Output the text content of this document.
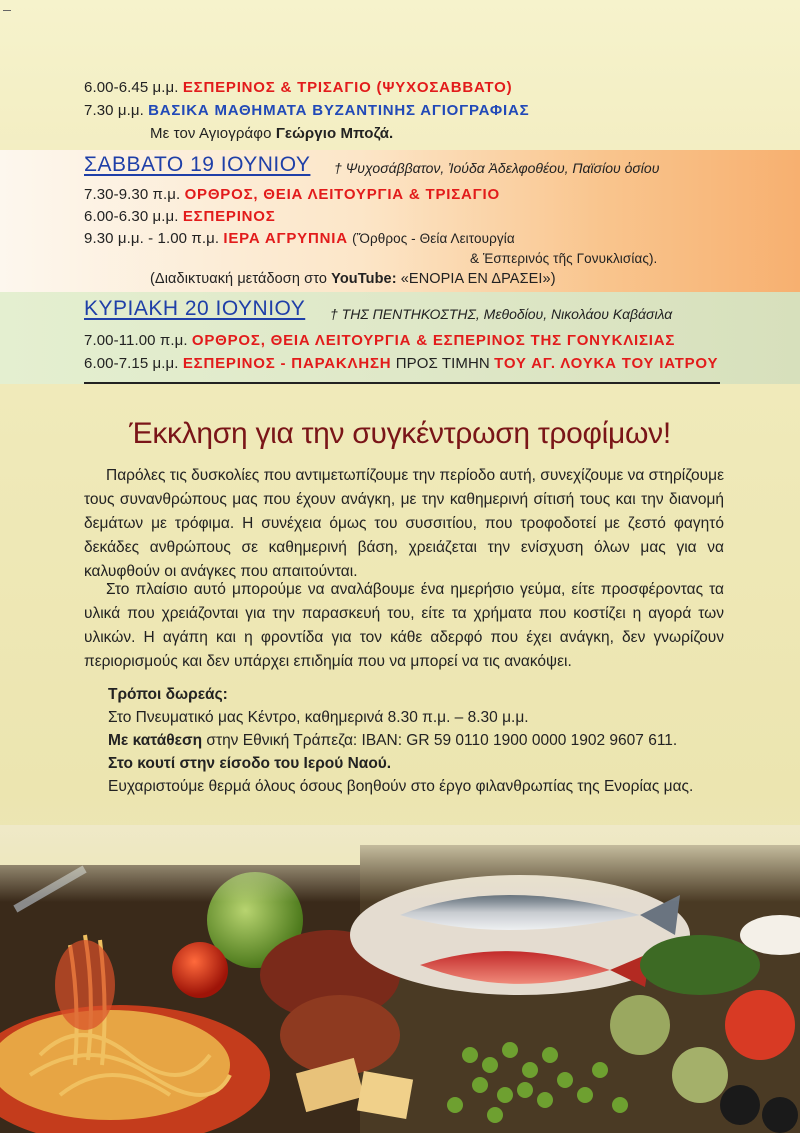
6.00-6.45 μ.μ. ΕΣΠΕΡΙΝΟΣ & ΤΡΙΣΑΓΙΟ (ΨΥΧΟΣΑΒΒΑΤΟ)
7.30 μ.μ. ΒΑΣΙΚΑ ΜΑΘΗΜΑΤΑ ΒΥΖΑΝΤΙΝΗΣ ΑΓΙΟΓΡΑΦΙΑΣ
Με τον Αγιογράφο Γεώργιο Μποζά.
ΣΑΒΒΑΤΟ 19 ΙΟΥΝΙΟΥ † Ψυχοσάββατον, Ἰούδα Ἀδελφοθέου, Παϊσίου ὁσίου
7.30-9.30 π.μ. ΟΡΘΡΟΣ, ΘΕΙΑ ΛΕΙΤΟΥΡΓΙΑ & ΤΡΙΣΑΓΙΟ
6.00-6.30 μ.μ. ΕΣΠΕΡΙΝΟΣ
9.30 μ.μ. - 1.00 π.μ. ΙΕΡΑ ΑΓΡΥΠΝΙΑ (Ὄρθρος - Θεία Λειτουργία
& Ἑσπερινός τῆς Γονυκλισίας).
(Διαδικτυακή μετάδοση στο YouTube: «ΕΝΟΡΙΑ ΕΝ ΔΡΑΣΕΙ»)
ΚΥΡΙΑΚΗ 20 ΙΟΥΝΙΟΥ † ΤΗΣ ΠΕΝΤΗΚΟΣΤΗΣ, Μεθοδίου, Νικολάου Καβάσιλα
7.00-11.00 π.μ. ΟΡΘΡΟΣ, ΘΕΙΑ ΛΕΙΤΟΥΡΓΙΑ & ΕΣΠΕΡΙΝΟΣ ΤΗΣ ΓΟΝΥΚΛΙΣΙΑΣ
6.00-7.15 μ.μ. ΕΣΠΕΡΙΝΟΣ - ΠΑΡΑΚΛΗΣΗ ΠΡΟΣ ΤΙΜΗΝ ΤΟΥ ΑΓ. ΛΟΥΚΑ ΤΟΥ ΙΑΤΡΟΥ
Έκκληση για την συγκέντρωση τροφίμων!
Παρόλες τις δυσκολίες που αντιμετωπίζουμε την περίοδο αυτή, συνεχίζουμε να στηρίζουμε τους συνανθρώπους μας που έχουν ανάγκη, με την καθημερινή σίτισή τους και την διανομή δεμάτων με τρόφιμα. Η συνέχεια όμως του συσσιτίου, που τροφοδοτεί με ζεστό φαγητό δεκάδες ανθρώπους σε καθημερινή βάση, χρειάζεται την ενίσχυση όλων μας για να καλυφθούν οι ανάγκες που απαιτούνται.
Στο πλαίσιο αυτό μπορούμε να αναλάβουμε ένα ημερήσιο γεύμα, είτε προσφέροντας τα υλικά που χρειάζονται για την παρασκευή του, είτε τα χρήματα που κοστίζει η αγορά των υλικών. Η αγάπη και η φροντίδα για τον κάθε αδερφό που έχει ανάγκη, δεν γνωρίζουν περιορισμούς και δεν υπάρχει επιδημία που να μπορεί να τις ανακόψει.
Τρόποι δωρεάς:
Στο Πνευματικό μας Κέντρο, καθημερινά 8.30 π.μ. – 8.30 μ.μ.
Με κατάθεση στην Εθνική Τράπεζα: IBAN: GR 59 0110 1900 0000 1902 9607 611.
Στο κουτί στην είσοδο του Ιερού Ναού.
Ευχαριστούμε θερμά όλους όσους βοηθούν στο έργο φιλανθρωπίας της Ενορίας μας.
